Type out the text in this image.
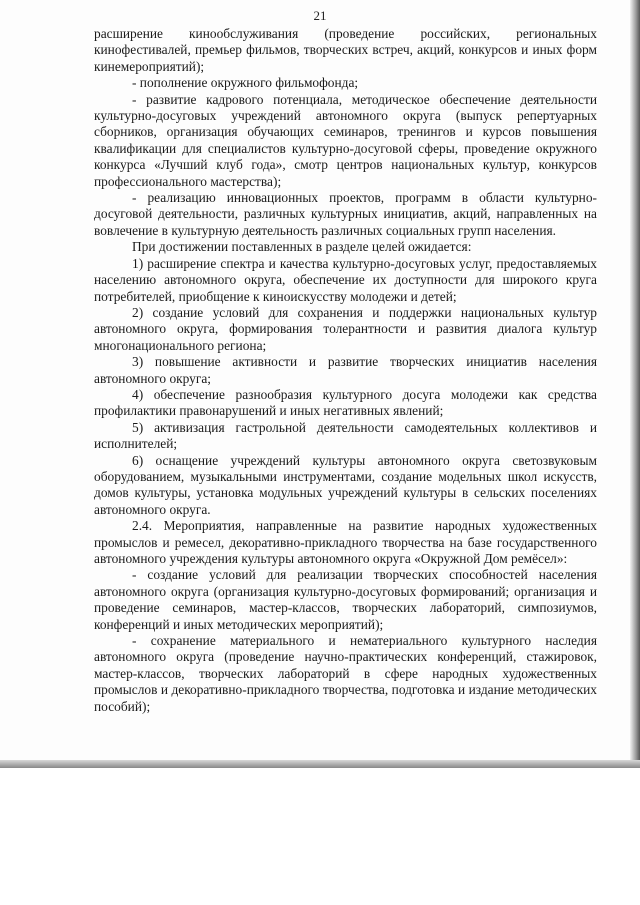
21

расширение кинообслуживания (проведение российских, региональных кинофестивалей, премьер фильмов, творческих встреч, акций, конкурсов и иных форм кинемероприятий);

- пополнение окружного фильмофонда;

- развитие кадрового потенциала, методическое обеспечение деятельности культурно-досуговых учреждений автономного округа (выпуск репертуарных сборников, организация обучающих семинаров, тренингов и курсов повышения квалификации для специалистов культурно-досуговой сферы, проведение окружного конкурса «Лучший клуб года», смотр центров национальных культур, конкурсов профессионального мастерства);

- реализацию инновационных проектов, программ в области культурно-досуговой деятельности, различных культурных инициатив, акций, направленных на вовлечение в культурную деятельность различных социальных групп населения.

При достижении поставленных в разделе целей ожидается:

1) расширение спектра и качества культурно-досуговых услуг, предоставляемых населению автономного округа, обеспечение их доступности для широкого круга потребителей, приобщение к киноискусству молодежи и детей;

2) создание условий для сохранения и поддержки национальных культур автономного округа, формирования толерантности и развития диалога культур многонационального региона;

3) повышение активности и развитие творческих инициатив населения автономного округа;

4) обеспечение разнообразия культурного досуга молодежи как средства профилактики правонарушений и иных негативных явлений;

5) активизация гастрольной деятельности самодеятельных коллективов и исполнителей;

6) оснащение учреждений культуры автономного округа светозвуковым оборудованием, музыкальными инструментами, создание модельных школ искусств, домов культуры, установка модульных учреждений культуры в сельских поселениях автономного округа.

2.4. Мероприятия, направленные на развитие народных художественных промыслов и ремесел, декоративно-прикладного творчества на базе государственного автономного учреждения культуры автономного округа «Окружной Дом ремёсел»:

- создание условий для реализации творческих способностей населения автономного округа (организация культурно-досуговых формирований; организация и проведение семинаров, мастер-классов, творческих лабораторий, симпозиумов, конференций и иных методических мероприятий);

- сохранение материального и нематериального культурного наследия автономного округа (проведение научно-практических конференций, стажировок, мастер-классов, творческих лабораторий в сфере народных художественных промыслов и декоративно-прикладного творчества, подготовка и издание методических пособий);
